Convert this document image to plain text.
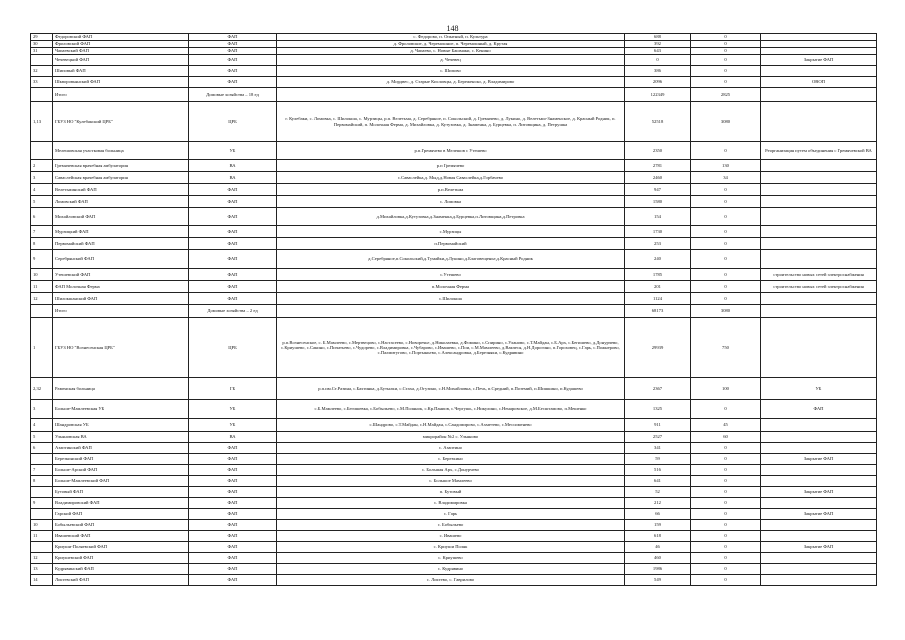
148
29	Федоровский ФАП	ФАП	с. Федорово, п. Опытный, п. Культура	688	0	
30	Фроловский ФАП	ФАП	д. Фроловское, д. Черемошное, п. Черемошный, д. Крутая	392	0	
31	Чапаевский ФАП	ФАП	д. Чапаево, с. Новые Башмаки, с. Кенино	643	0	
	Чечевецкий ФАП	ФАП	д. Чечевец	0	0	Закрытие ФАП
32	Шиповый ФАП	ФАП	с. Шипово	386	0	
33	Шкворовьянский ФАП	ФАП	д. Мордвес, д. Старые Кисловцы, д. Береженско, д. Владимирово	2096	0	ОВОП
	Итого	Домовые хозяйства – 18 ед		122349	2825	
1,13	ГБУЗ НО "Кулебакский ЦРБ"	ЦРБ	г. Кулебаки, с. Ломовка, с. Шилокша, с. Мурзицы, р.п. Велетьма, д. Серебряное, п. Сокольский, д. Гремячево, д. Лукино, д. Велетьмо-Знаменское, д. Красный Родник, п. Первомайский, п. Молочная Ферма, д. Михайловка, д. Кутузовка, д. Знаменка, д. Бурцевка, п. Литовщина, д. Петрушка	52518	3080	
	Мелешовская участковая больница	УБ	р.п.Гремячево в Мелешов с Утешево	2350	0	Реорганизация путем объединения с Гремячевской ВА
2	Гремячевская врачебная амбулатория	ВА	р.п Гремячево	2781	130	
3	Саваслейская врачебная амбулатория	ВА	с.Саваслейка,д. Мыд,д.Новая Саваслейка,д.Горбачево	2460	34	
4	Велетьминский ФАП	ФАП	р.п.Велетьма	947	0	
5	Ломовский ФАП	ФАП	с. Ломовка	1580	0	
6	Михайловский ФАП	ФАП	д.Михайловка,д.Кутузовка,д.Знаменка,д.Бурцевка,п.Литовщина,д.Петровка	154	0	
7	Мурзицкий ФАП	ФАП	с.Мурзицы	1730	0	
8	Первомайский ФАП	ФАП	п.Первомайский	253	0	
9	Серебрянский ФАП	ФАП	д.Серебряное,п.Сокольский,д.Тумайки,д.Лукино,д.Благовещенье,д.Красный Родник	240	0	
10	Утешевский ФАП	ФАП	с.Утешево	1785	0	строительство новых сетей электроснабжения
11	ФАП Молочная Ферма	ФАП	п.Молочная Ферма	201	0	строительство новых сетей электроснабжения
12	Шилокшанский ФАП	ФАП	с.Шилокша	1124	0	
	Итого	Домовые хозяйства – 2 ед		68173	3080	
1	ГБУЗ НО "Вознесенская ЦРБ"	ЦРБ	р.п.Вознесенское, с. Б.Мамлеево, с.Мертвецово, с.Настасеево, с.Новоречье, д.Николаевка, д.Фомино, с.Спирино, с.Уланово, с.Т.Майдан, с.Б.Арх, с.Бегишево, д.Донурчево, с.Криушево, с.Сакино, с.Пичатьево, с.Чудорево, с.Владимировка, с.Чубарово, с.Ивашево, с.Пои, с.М.Мамлеево, д.Вакчеся, д.Н.Дорогино, п.Гороховец, с.Гарь, с.Пожнерово, с.Палмитугово, с.Портыньево, с.Александровка, д.Березняки, с.Кудрявино	29939	750	
2,32	Раменская больница	ГБ	р.п.им.Ст.Разина, с.Бахтинка, д.Бутылки, с.Стаха, д.Огузино, с.Н.Михайловка, с.Печь, п.Средний, п.Поземий, п.Шишкино, п.Кудашево	2367	100	УБ
3	Больше-Мамлеевская УБ	УБ	с.Б.Мамлеево, с.Бегишевка, с.Бобыльево, с.М.Полянок, с.Кр.Паниов, с.Чергушь, с.Никулино, с.Ненаровское, д.М.Бесштамово, п.Мешенко	1325	0	ФАП
4	Шандровская УБ	УБ	с.Шандрово, с.Т.Майдан, с.Н.Майдан, с.Сандомирово, с.Ахметево, с.Мессименево	911	45	
5	Ульяновская ВА	ВА	микрорайон №2 с. Ульяново	2527	60	
6	Азаптинский ФАП	ФАП	с. Азаптино	341	0	
	Березкинский ФАП	ФАП	с. Березкино	59	0	Закрытие ФАП
7	Больше-Арский ФАП	ФАП	с. Большая Арх, с.Донурчево	516	0	
8	Больше-Мамлеевский ФАП	ФАП	с. Большое Мамлеево	641	0	
	Бутовый ФАП	ФАП	п. Бутовый	52	0	Закрытие ФАП
9	Владимировский ФАП	ФАП	с. Владимировка	212	0	
	Гарский ФАП	ФАП	с. Гарь	66	0	Закрытие ФАП
10	Бобыльевский ФАП	ФАП	с. Бобыльево	159	0	
11	Ивашевский ФАП	ФАП	с. Ивашево	618	0	
	Криуши-Поляевский ФАП	ФАП	с. Криуши Поляк	46	0	Закрытие ФАП
12	Криушевский ФАП	ФАП	с. Криушево	460	0	
13	Кудрявинский ФАП	ФАП	с. Кудрявино	1986	0	
14	Локтевский ФАП	ФАП	с. Локтево, с. Гаврилово	549	0	
